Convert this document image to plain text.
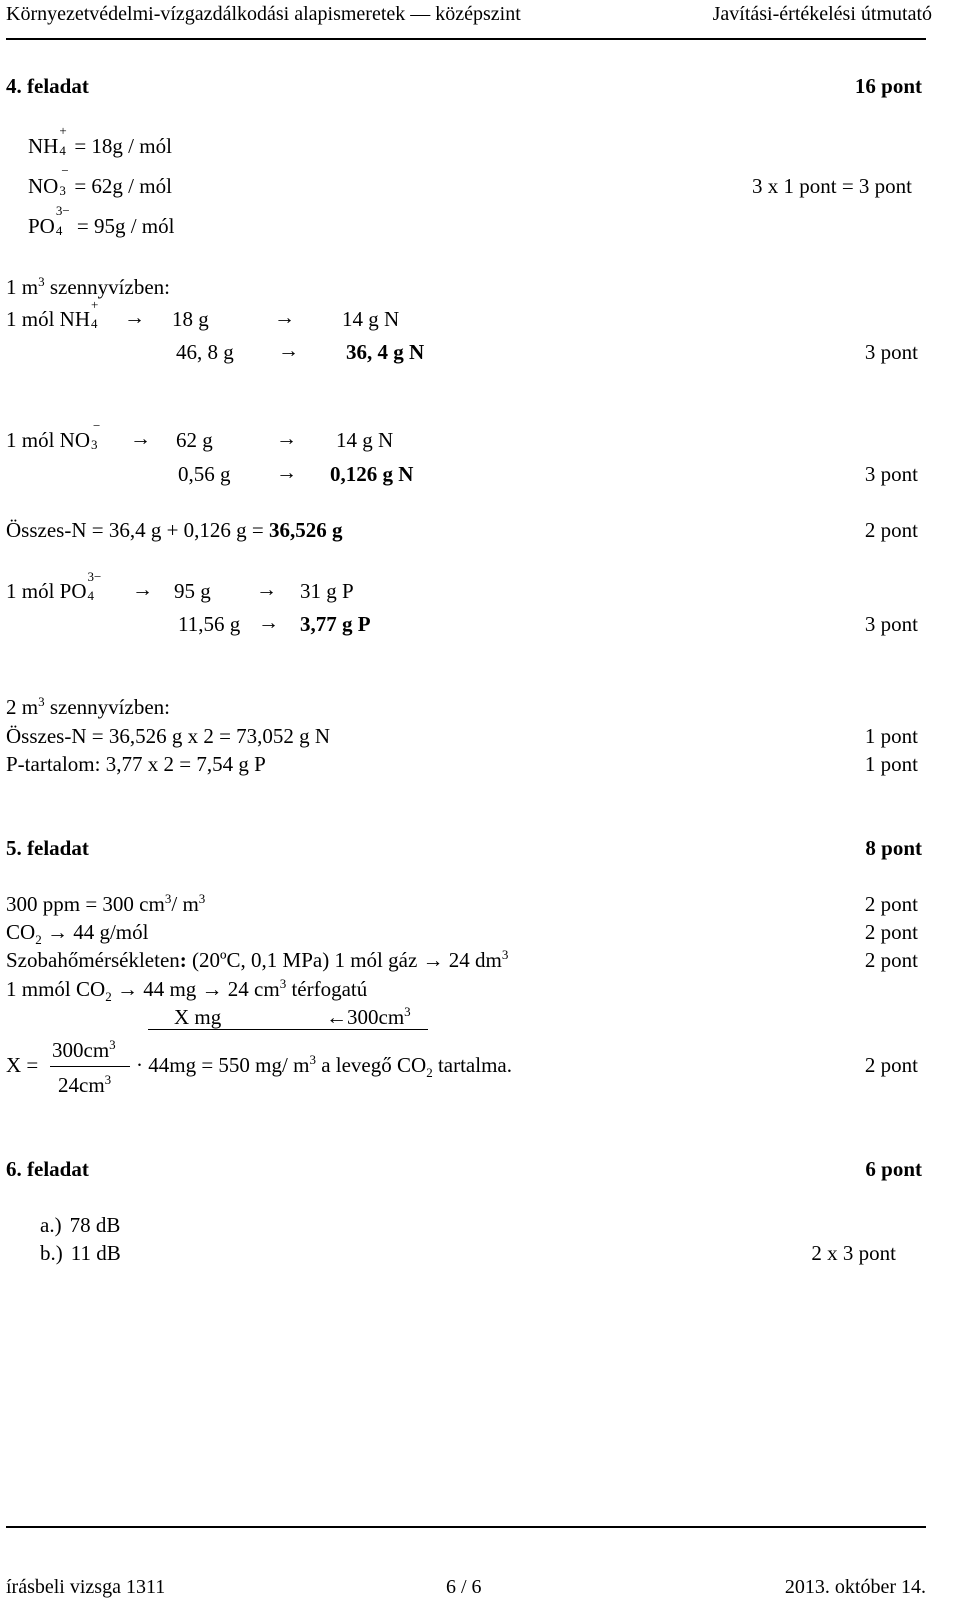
Környezetvédelmi-vízgazdálkodási alapismeretek — középszint	Javítási-értékelési útmutató
4. feladat	16 pont
NH
+
4 = 18g / mól
NO
−
3 = 62g / mól	3 x 1 pont = 3 pont
PO
3−
4 = 95g / mól
1 $m^3$ szennyvízben:
1 mól NH
+
4 → 18 g	→ 14 g N
46, 8 g → 36, 4 g N	3 pont
1 mól NO
−
3 → 62 g	→ 14 g N
0,56 g → 0,126 g N	3 pont
Összes-N = 36,4 g + 0,126 g = 36,526 g	2 pont
1 mól PO
3−
4 → 95 g → 31 g P
11,56 g → 3,77 g P	3 pont
2 $m^3$ szennyvízben:
Összes-N = 36,526 g x 2 = 73,052 g N	1 pont
P-tartalom: 3,77 x 2 = 7,54 g P	1 pont
5. feladat	8 pont
300 ppm = 300 $cm^3/$ $m^3$	2 pont
$CO_2 \to 44$ g/mól	2 pont
Szobahőmérsékleten: (20ºC, 0,1 MPa) 1 mól gáz → 24 $dm^3$	2 pont
1 mmól $CO_2 \to 44$ mg → 24 $cm^3$ térfogatú
X mg	$\leftarrow 300cm^3$
X =
$300cm^3$
$24cm^3$
· 44mg = 550 mg/ $m^3$ a levegő $CO_2$ tartalma.	2 pont
6. feladat	6 pont
a.) 78 dB
b.) 11 dB	2 x 3 pont
írásbeli vizsga 1311	6 / 6	2013. október 14.
